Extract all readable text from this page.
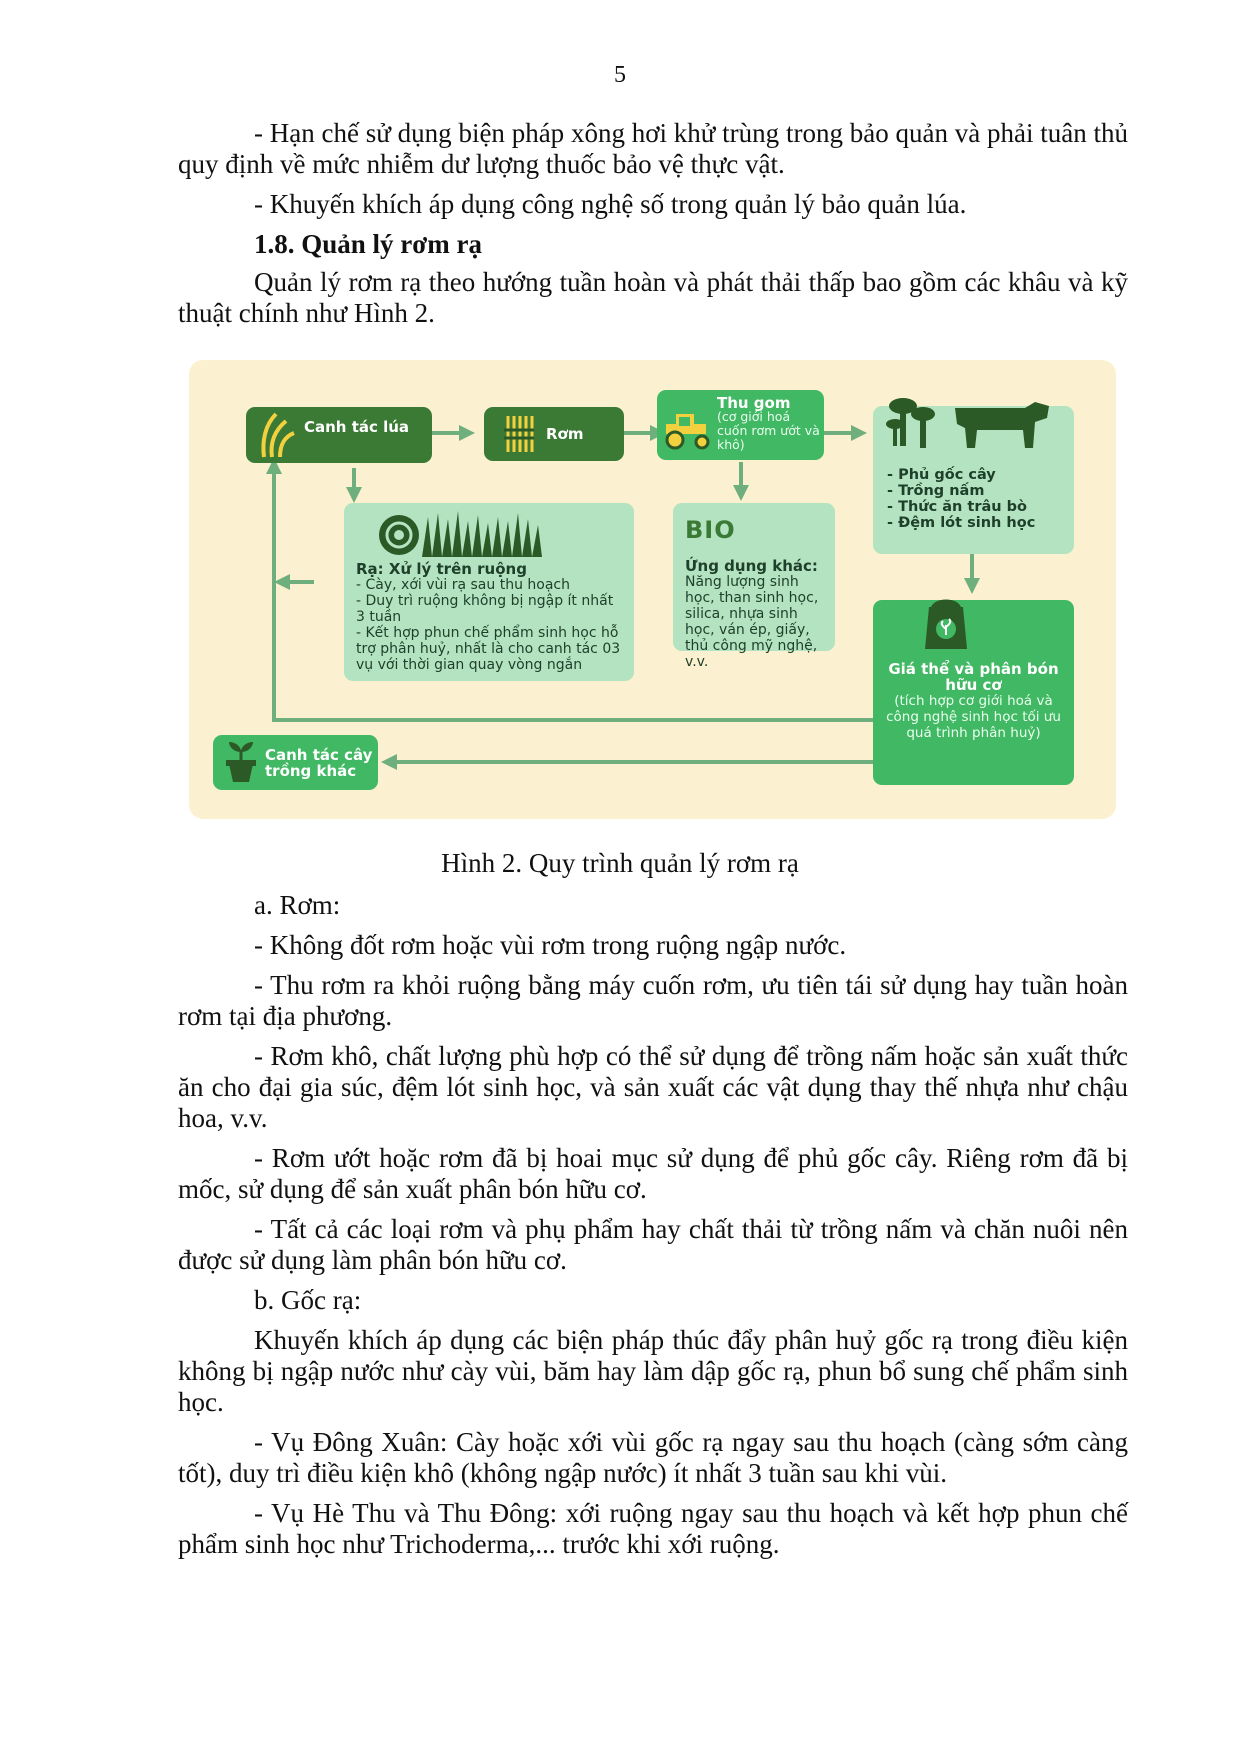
5

- Hạn chế sử dụng biện pháp xông hơi khử trùng trong bảo quản và phải tuân thủ quy định về mức nhiễm dư lượng thuốc bảo vệ thực vật.

- Khuyến khích áp dụng công nghệ số trong quản lý bảo quản lúa.

1.8. Quản lý rơm rạ

Quản lý rơm rạ theo hướng tuần hoàn và phát thải thấp bao gồm các khâu và kỹ thuật chính như Hình 2.

Canh tác lúa	Rơm
Thu gom
(cơ giới hoá cuốn rơm ướt và khô)
- Phủ gốc cây
- Trồng nấm
- Thức ăn trâu bò
- Đệm lót sinh học
Rạ: Xử lý trên ruộng
- Cày, xới vùi rạ sau thu hoạch
- Duy trì ruộng không bị ngập ít nhất 3 tuần
- Kết hợp phun chế phẩm sinh học hỗ trợ phân huỷ, nhất là cho canh tác 03 vụ với thời gian quay vòng ngắn
BIO
Ứng dụng khác:
Năng lượng sinh học, than sinh học, silica, nhựa sinh học, ván ép, giấy, thủ công mỹ nghệ, v.v.	Giá thể và phân bón hữu cơ
(tích hợp cơ giới hoá và công nghệ sinh học tối ưu quá trình phân huỷ)
Canh tác cây trồng khác
Hình 2. Quy trình quản lý rơm rạ

a. Rơm:

- Không đốt rơm hoặc vùi rơm trong ruộng ngập nước.

- Thu rơm ra khỏi ruộng bằng máy cuốn rơm, ưu tiên tái sử dụng hay tuần hoàn rơm tại địa phương.

- Rơm khô, chất lượng phù hợp có thể sử dụng để trồng nấm hoặc sản xuất thức ăn cho đại gia súc, đệm lót sinh học, và sản xuất các vật dụng thay thế nhựa như chậu hoa, v.v.

- Rơm ướt hoặc rơm đã bị hoai mục sử dụng để phủ gốc cây. Riêng rơm đã bị mốc, sử dụng để sản xuất phân bón hữu cơ.

- Tất cả các loại rơm và phụ phẩm hay chất thải từ trồng nấm và chăn nuôi nên được sử dụng làm phân bón hữu cơ.

b. Gốc rạ:

Khuyến khích áp dụng các biện pháp thúc đẩy phân huỷ gốc rạ trong điều kiện không bị ngập nước như cày vùi, băm hay làm dập gốc rạ, phun bổ sung chế phẩm sinh học.

- Vụ Đông Xuân: Cày hoặc xới vùi gốc rạ ngay sau thu hoạch (càng sớm càng tốt), duy trì điều kiện khô (không ngập nước) ít nhất 3 tuần sau khi vùi.

- Vụ Hè Thu và Thu Đông: xới ruộng ngay sau thu hoạch và kết hợp phun chế phẩm sinh học như Trichoderma,... trước khi xới ruộng.
